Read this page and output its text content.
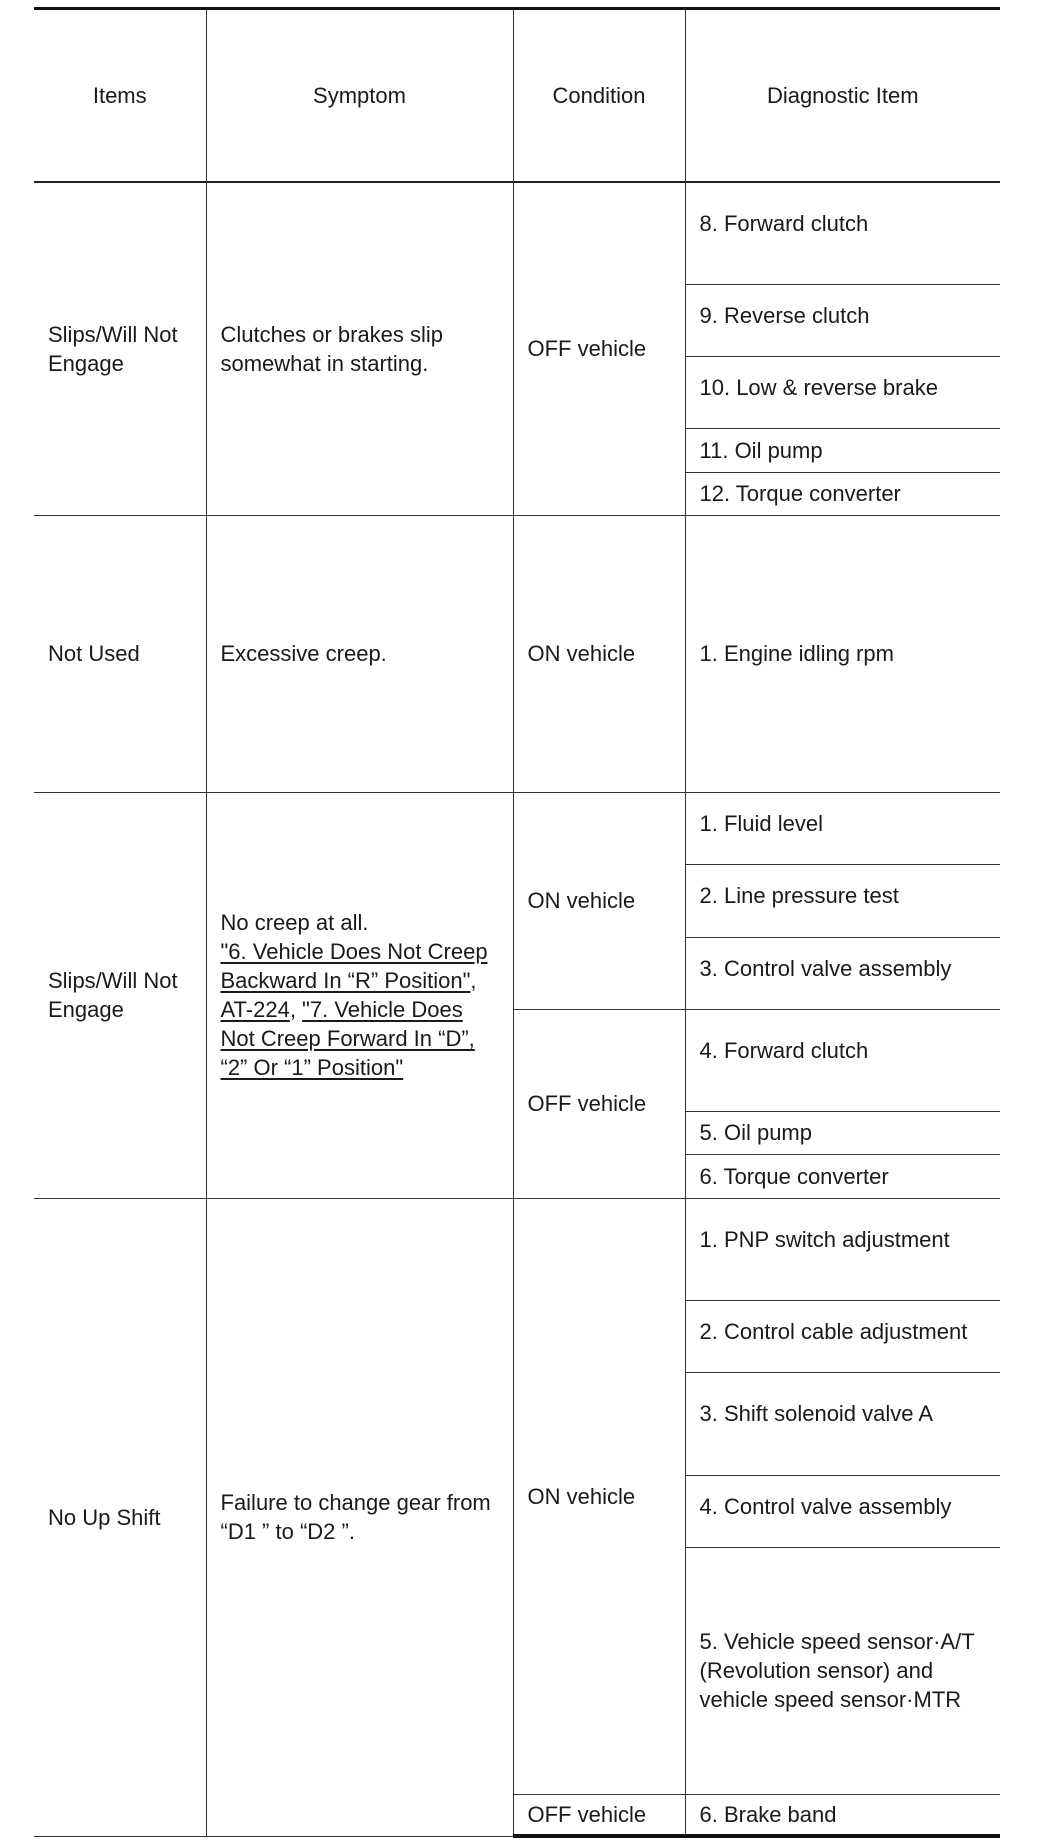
Items	Symptom	Condition	Diagnostic Item
Slips/Will Not Engage	Clutches or brakes slip somewhat in starting.	OFF vehicle	8. Forward clutch
			9. Reverse clutch
			10. Low & reverse brake
			11. Oil pump
			12. Torque converter
Not Used	Excessive creep.	ON vehicle	1. Engine idling rpm
Slips/Will Not Engage	No creep at all.
"6. Vehicle Does Not Creep Backward In “R” Position", AT-224, "7. Vehicle Does Not Creep Forward In “D”, “2” Or “1” Position"	ON vehicle	1. Fluid level
			2. Line pressure test
			3. Control valve assembly
		OFF vehicle	4. Forward clutch
			5. Oil pump
			6. Torque converter
No Up Shift	Failure to change gear from “D1 ” to “D2 ”.	ON vehicle	1. PNP switch adjustment
			2. Control cable adjustment
			3. Shift solenoid valve A
			4. Control valve assembly
			5. Vehicle speed sensor·A/T (Revolution sensor) and vehicle speed sensor·MTR
		OFF vehicle	6. Brake band
